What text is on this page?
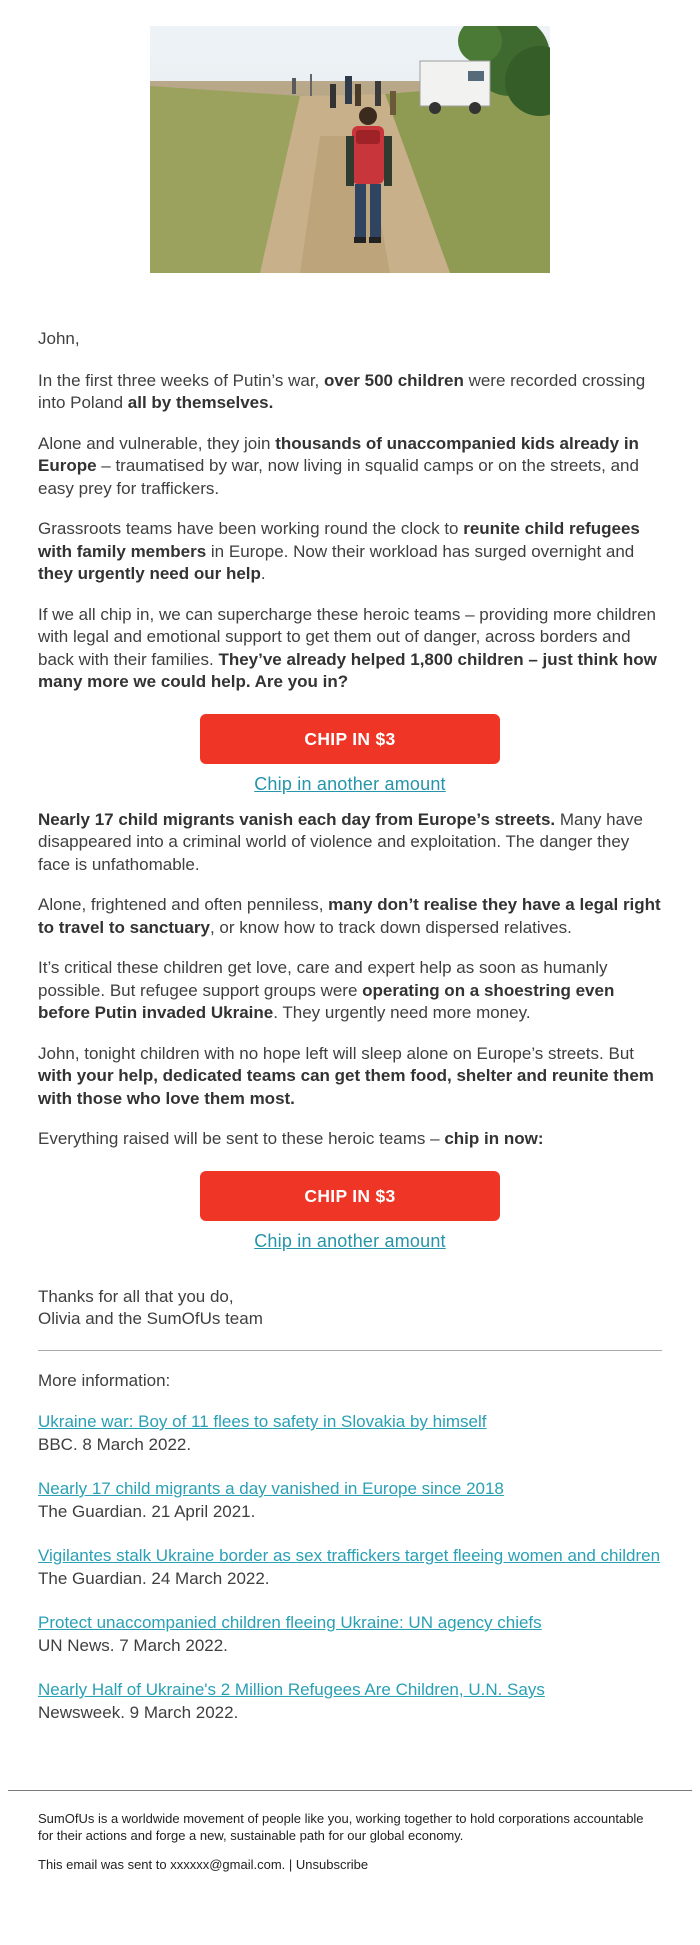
John,

In the first three weeks of Putin’s war, over 500 children were recorded crossing into Poland all by themselves.

Alone and vulnerable, they join thousands of unaccompanied kids already in Europe – traumatised by war, now living in squalid camps or on the streets, and easy prey for traffickers.

Grassroots teams have been working round the clock to reunite child refugees with family members in Europe. Now their workload has surged overnight and they urgently need our help.

If we all chip in, we can supercharge these heroic teams – providing more children with legal and emotional support to get them out of danger, across borders and back with their families. They’ve already helped 1,800 children – just think how many more we could help. Are you in?

CHIP IN $3
Chip in another amount

Nearly 17 child migrants vanish each day from Europe’s streets. Many have disappeared into a criminal world of violence and exploitation. The danger they face is unfathomable.

Alone, frightened and often penniless, many don’t realise they have a legal right to travel to sanctuary, or know how to track down dispersed relatives.

It’s critical these children get love, care and expert help as soon as humanly possible. But refugee support groups were operating on a shoestring even before Putin invaded Ukraine. They urgently need more money.

John, tonight children with no hope left will sleep alone on Europe’s streets. But with your help, dedicated teams can get them food, shelter and reunite them with those who love them most.

Everything raised will be sent to these heroic teams – chip in now:

CHIP IN $3
Chip in another amount

Thanks for all that you do,
Olivia and the SumOfUs team

More information:

Ukraine war: Boy of 11 flees to safety in Slovakia by himself
BBC. 8 March 2022.
Nearly 17 child migrants a day vanished in Europe since 2018
The Guardian. 21 April 2021.
Vigilantes stalk Ukraine border as sex traffickers target fleeing women and children
The Guardian. 24 March 2022.
Protect unaccompanied children fleeing Ukraine: UN agency chiefs
UN News. 7 March 2022.
Nearly Half of Ukraine's 2 Million Refugees Are Children, U.N. Says
Newsweek. 9 March 2022.

SumOfUs is a worldwide movement of people like you, working together to hold corporations accountable for their actions and forge a new, sustainable path for our global economy.

This email was sent to xxxxxx@gmail.com. | Unsubscribe
